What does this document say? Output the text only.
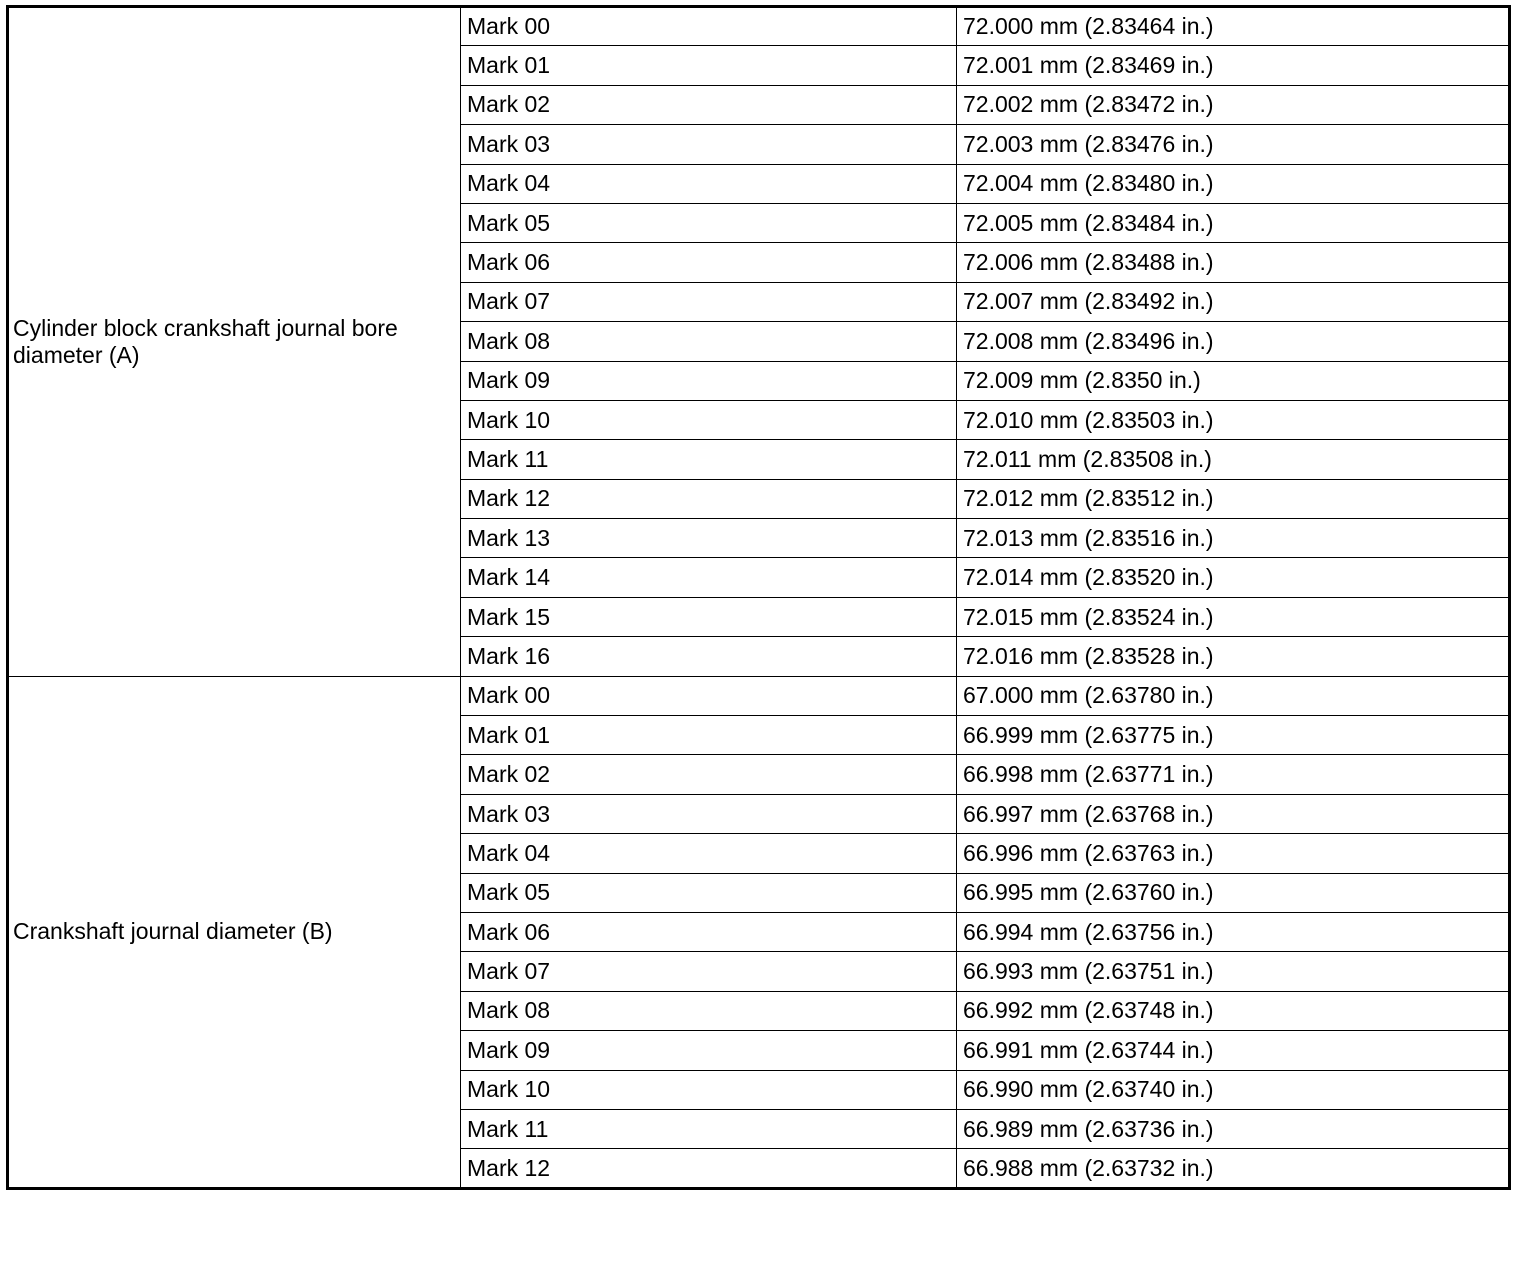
Cylinder block crankshaft journal bore diameter (A)	Mark 00	72.000 mm (2.83464 in.)
	Mark 01	72.001 mm (2.83469 in.)
	Mark 02	72.002 mm (2.83472 in.)
	Mark 03	72.003 mm (2.83476 in.)
	Mark 04	72.004 mm (2.83480 in.)
	Mark 05	72.005 mm (2.83484 in.)
	Mark 06	72.006 mm (2.83488 in.)
	Mark 07	72.007 mm (2.83492 in.)
	Mark 08	72.008 mm (2.83496 in.)
	Mark 09	72.009 mm (2.8350 in.)
	Mark 10	72.010 mm (2.83503 in.)
	Mark 11	72.011 mm (2.83508 in.)
	Mark 12	72.012 mm (2.83512 in.)
	Mark 13	72.013 mm (2.83516 in.)
	Mark 14	72.014 mm (2.83520 in.)
	Mark 15	72.015 mm (2.83524 in.)
	Mark 16	72.016 mm (2.83528 in.)
Crankshaft journal diameter (B)	Mark 00	67.000 mm (2.63780 in.)
	Mark 01	66.999 mm (2.63775 in.)
	Mark 02	66.998 mm (2.63771 in.)
	Mark 03	66.997 mm (2.63768 in.)
	Mark 04	66.996 mm (2.63763 in.)
	Mark 05	66.995 mm (2.63760 in.)
	Mark 06	66.994 mm (2.63756 in.)
	Mark 07	66.993 mm (2.63751 in.)
	Mark 08	66.992 mm (2.63748 in.)
	Mark 09	66.991 mm (2.63744 in.)
	Mark 10	66.990 mm (2.63740 in.)
	Mark 11	66.989 mm (2.63736 in.)
	Mark 12	66.988 mm (2.63732 in.)
